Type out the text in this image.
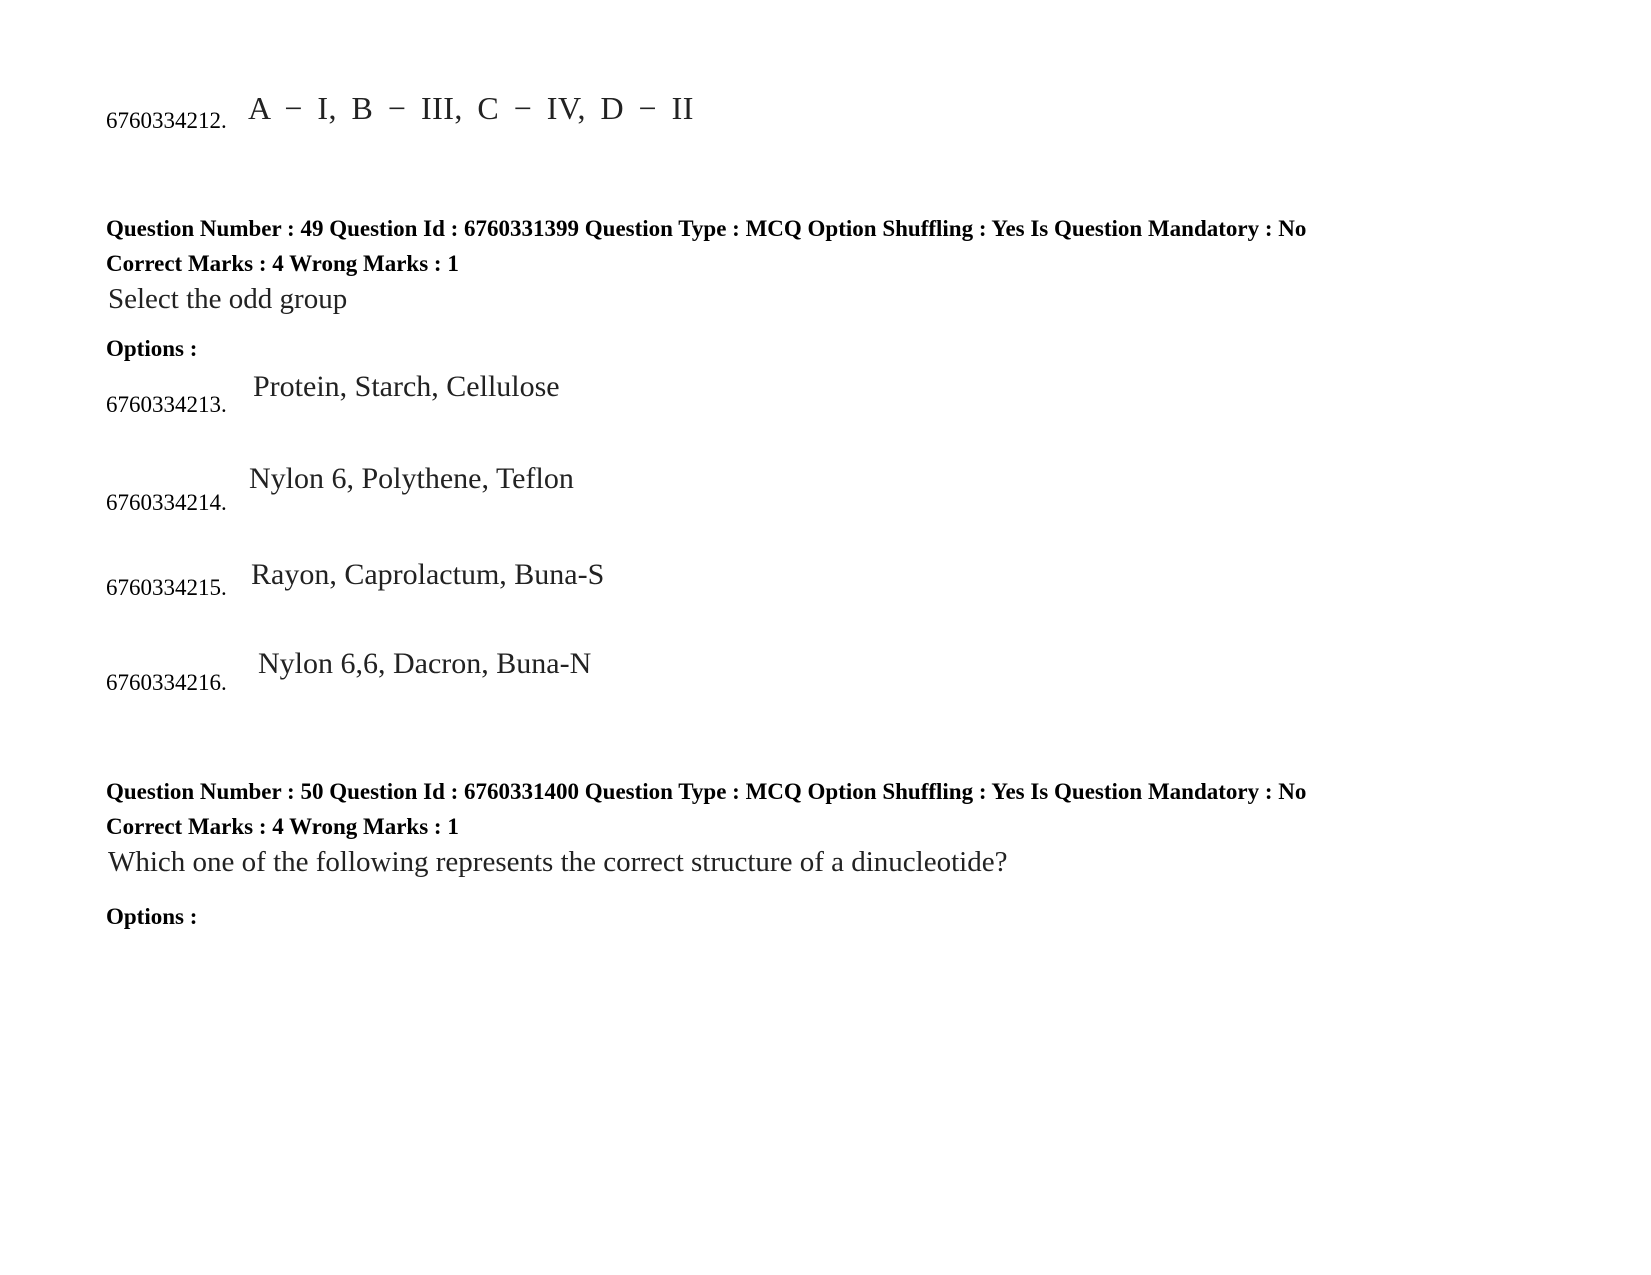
6760334212. A − I, B − III, C − IV, D − II
Question Number : 49 Question Id : 6760331399 Question Type : MCQ Option Shuffling : Yes Is Question Mandatory : No
Correct Marks : 4 Wrong Marks : 1
Select the odd group
Options :
6760334213.
Protein, Starch, Cellulose
6760334214.
Nylon 6, Polythene, Teflon
6760334215. Rayon, Caprolactum, Buna-S
6760334216.
Nylon 6,6, Dacron, Buna-N
Question Number : 50 Question Id : 6760331400 Question Type : MCQ Option Shuffling : Yes Is Question Mandatory : No
Correct Marks : 4 Wrong Marks : 1
Which one of the following represents the correct structure of a dinucleotide?
Options :
